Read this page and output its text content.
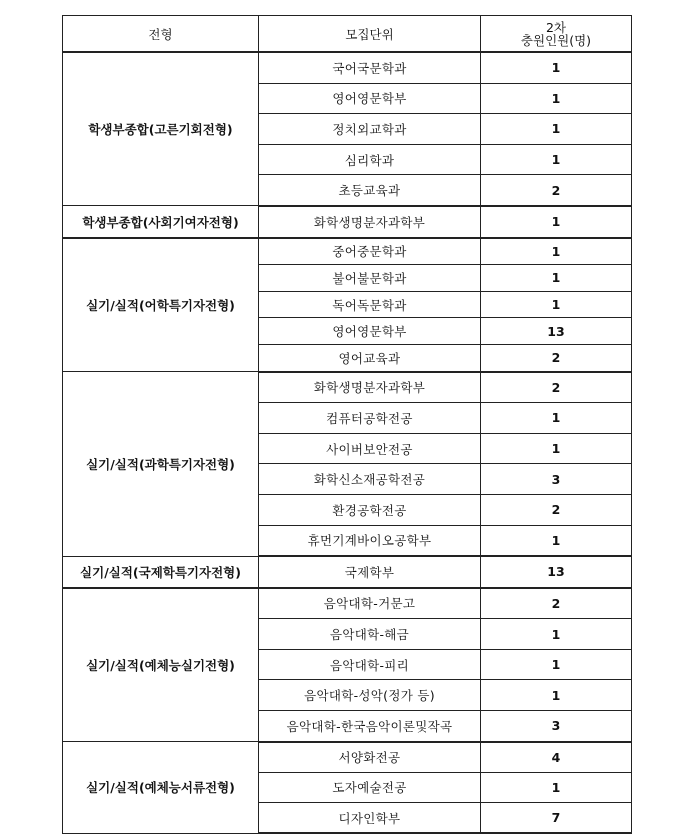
전형	모집단위	2차
충원인원(명)

학생부종합(고른기회전형)	국어국문학과	1
	영어영문학부	1
	정치외교학과	1
	심리학과	1
	초등교육과	2
학생부종합(사회기여자전형)	화학생명분자과학부	1
실기/실적(어학특기자전형)	중어중문학과	1
	불어불문학과	1
	독어독문학과	1
	영어영문학부	13
	영어교육과	2
실기/실적(과학특기자전형)	화학생명분자과학부	2
	컴퓨터공학전공	1
	사이버보안전공	1
	화학신소재공학전공	3
	환경공학전공	2
	휴먼기계바이오공학부	1
실기/실적(국제학특기자전형)	국제학부	13
실기/실적(예체능실기전형)	음악대학-거문고	2
	음악대학-해금	1
	음악대학-피리	1
	음악대학-성악(정가 등)	1
	음악대학-한국음악이론및작곡	3
실기/실적(예체능서류전형)	서양화전공	4
	도자예술전공	1
	디자인학부	7
